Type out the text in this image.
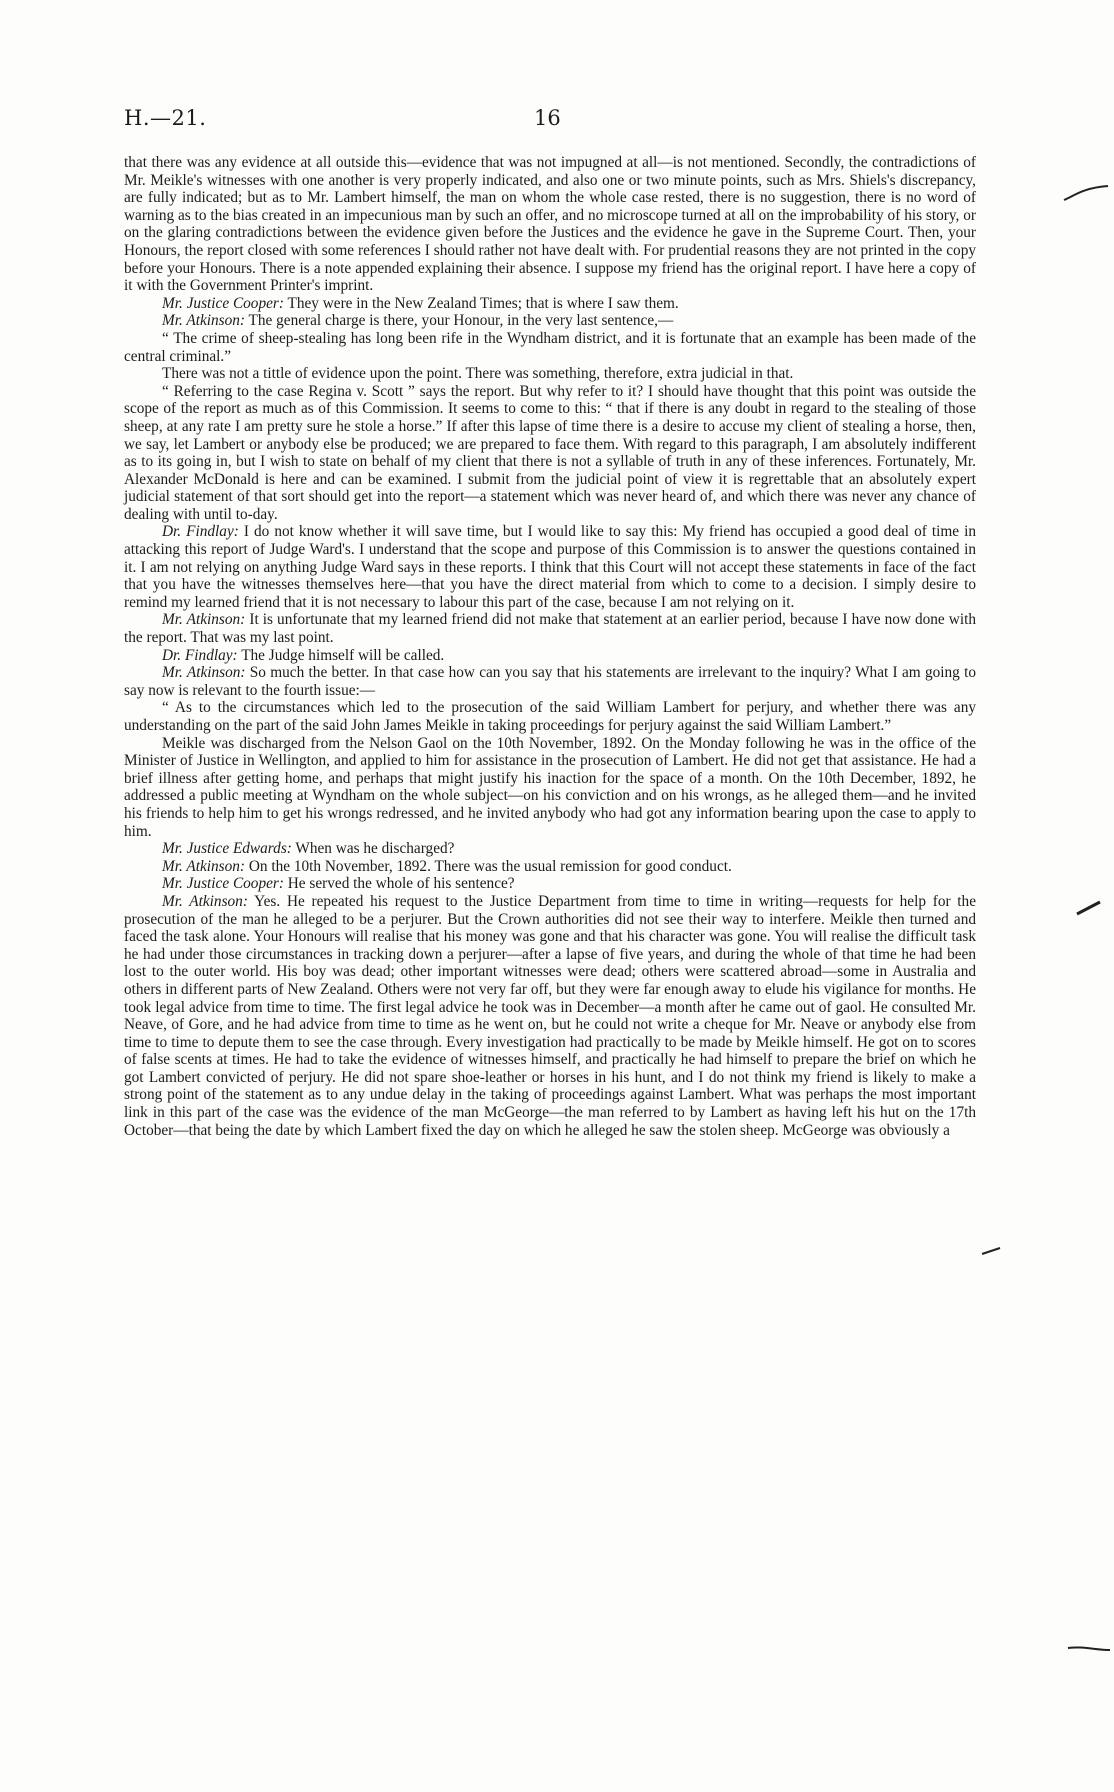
H.—21.	16

that there was any evidence at all outside this—evidence that was not impugned at all—is not mentioned. Secondly, the contradictions of Mr. Meikle's witnesses with one another is very properly indicated, and also one or two minute points, such as Mrs. Shiels's discrepancy, are fully indicated; but as to Mr. Lambert himself, the man on whom the whole case rested, there is no suggestion, there is no word of warning as to the bias created in an impecunious man by such an offer, and no microscope turned at all on the improbability of his story, or on the glaring contradictions between the evidence given before the Justices and the evidence he gave in the Supreme Court. Then, your Honours, the report closed with some references I should rather not have dealt with. For prudential reasons they are not printed in the copy before your Honours. There is a note appended explaining their absence. I suppose my friend has the original report. I have here a copy of it with the Government Printer's imprint.

Mr. Justice Cooper: They were in the New Zealand Times; that is where I saw them.

Mr. Atkinson: The general charge is there, your Honour, in the very last sentence,—

“ The crime of sheep-stealing has long been rife in the Wyndham district, and it is fortunate that an example has been made of the central criminal.”

There was not a tittle of evidence upon the point. There was something, therefore, extra judicial in that.

“ Referring to the case Regina v. Scott ” says the report. But why refer to it? I should have thought that this point was outside the scope of the report as much as of this Commission. It seems to come to this: “ that if there is any doubt in regard to the stealing of those sheep, at any rate I am pretty sure he stole a horse.” If after this lapse of time there is a desire to accuse my client of stealing a horse, then, we say, let Lambert or anybody else be produced; we are prepared to face them. With regard to this paragraph, I am absolutely indifferent as to its going in, but I wish to state on behalf of my client that there is not a syllable of truth in any of these inferences. Fortunately, Mr. Alexander McDonald is here and can be examined. I submit from the judicial point of view it is regrettable that an absolutely expert judicial statement of that sort should get into the report—a statement which was never heard of, and which there was never any chance of dealing with until to-day.

Dr. Findlay: I do not know whether it will save time, but I would like to say this: My friend has occupied a good deal of time in attacking this report of Judge Ward's. I understand that the scope and purpose of this Commission is to answer the questions contained in it. I am not relying on anything Judge Ward says in these reports. I think that this Court will not accept these statements in face of the fact that you have the witnesses themselves here—that you have the direct material from which to come to a decision. I simply desire to remind my learned friend that it is not necessary to labour this part of the case, because I am not relying on it.

Mr. Atkinson: It is unfortunate that my learned friend did not make that statement at an earlier period, because I have now done with the report. That was my last point.

Dr. Findlay: The Judge himself will be called.

Mr. Atkinson: So much the better. In that case how can you say that his statements are irrelevant to the inquiry? What I am going to say now is relevant to the fourth issue:—

“ As to the circumstances which led to the prosecution of the said William Lambert for perjury, and whether there was any understanding on the part of the said John James Meikle in taking proceedings for perjury against the said William Lambert.”

Meikle was discharged from the Nelson Gaol on the 10th November, 1892. On the Monday following he was in the office of the Minister of Justice in Wellington, and applied to him for assistance in the prosecution of Lambert. He did not get that assistance. He had a brief illness after getting home, and perhaps that might justify his inaction for the space of a month. On the 10th December, 1892, he addressed a public meeting at Wyndham on the whole subject—on his conviction and on his wrongs, as he alleged them—and he invited his friends to help him to get his wrongs redressed, and he invited anybody who had got any information bearing upon the case to apply to him.

Mr. Justice Edwards: When was he discharged?

Mr. Atkinson: On the 10th November, 1892. There was the usual remission for good conduct.

Mr. Justice Cooper: He served the whole of his sentence?

Mr. Atkinson: Yes. He repeated his request to the Justice Department from time to time in writing—requests for help for the prosecution of the man he alleged to be a perjurer. But the Crown authorities did not see their way to interfere. Meikle then turned and faced the task alone. Your Honours will realise that his money was gone and that his character was gone. You will realise the difficult task he had under those circumstances in tracking down a perjurer—after a lapse of five years, and during the whole of that time he had been lost to the outer world. His boy was dead; other important witnesses were dead; others were scattered abroad—some in Australia and others in different parts of New Zealand. Others were not very far off, but they were far enough away to elude his vigilance for months. He took legal advice from time to time. The first legal advice he took was in December—a month after he came out of gaol. He consulted Mr. Neave, of Gore, and he had advice from time to time as he went on, but he could not write a cheque for Mr. Neave or anybody else from time to time to depute them to see the case through. Every investigation had practically to be made by Meikle himself. He got on to scores of false scents at times. He had to take the evidence of witnesses himself, and practically he had himself to prepare the brief on which he got Lambert convicted of perjury. He did not spare shoe-leather or horses in his hunt, and I do not think my friend is likely to make a strong point of the statement as to any undue delay in the taking of proceedings against Lambert. What was perhaps the most important link in this part of the case was the evidence of the man McGeorge—the man referred to by Lambert as having left his hut on the 17th October—that being the date by which Lambert fixed the day on which he alleged he saw the stolen sheep. McGeorge was obviously a
